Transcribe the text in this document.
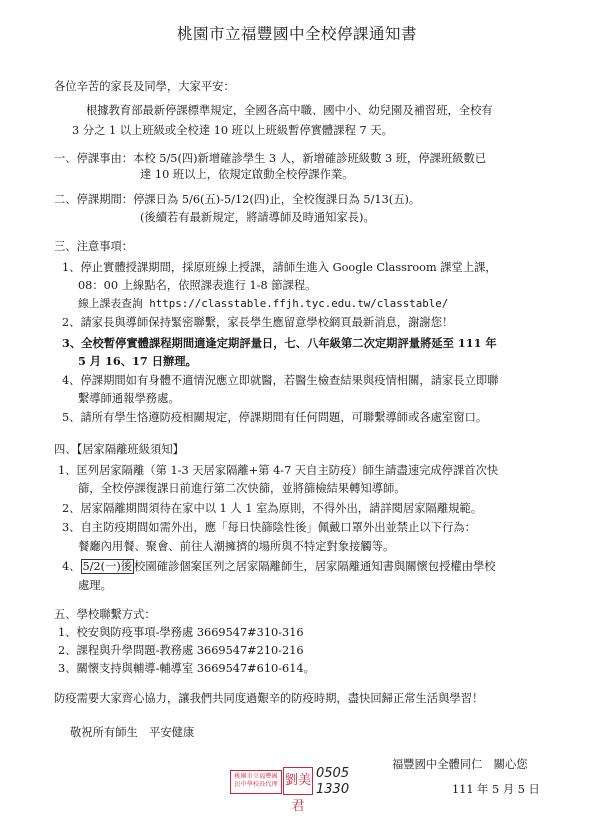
桃園市立福豐國中全校停課通知書
各位辛苦的家長及同學，大家平安：
根據教育部最新停課標準規定，全國各高中職、國中小、幼兒園及補習班，全校有
3 分之 1 以上班級或全校達 10 班以上班級暫停實體課程 7 天。
一、停課事由：本校 5/5(四)新增確診學生 3 人，新增確診班級數 3 班，停課班級數已
達 10 班以上，依規定啟動全校停課作業。
二、停課期間：停課日為 5/6(五)-5/12(四)止，全校復課日為 5/13(五)。
(後續若有最新規定，將請導師及時通知家長)。
三、注意事項：
1、停止實體授課期間，採原班線上授課，請師生進入 Google Classroom 課堂上課，
08：00 上線點名，依照課表進行 1-8 節課程。
線上課表查詢 https://classtable.ffjh.tyc.edu.tw/classtable/
2、請家長與導師保持緊密聯繫，家長學生應留意學校網頁最新消息，謝謝您！
3、全校暫停實體課程期間適逢定期評量日，七、八年級第二次定期評量將延至 111 年
5 月 16、17 日辦理。
4、停課期間如有身體不適情況應立即就醫，若醫生檢查結果與疫情相關，請家長立即聯
繫導師通報學務處。
5、請所有學生恪遵防疫相關規定，停課期間有任何問題，可聯繫導師或各處室窗口。
四、【居家隔離班級須知】
1、匡列居家隔離（第 1-3 天居家隔離+第 4-7 天自主防疫）師生請盡速完成停課首次快
篩，全校停課復課日前進行第二次快篩，並將篩檢結果轉知導師。
2、居家隔離期間須待在家中以 1 人 1 室為原則，不得外出，請詳閱居家隔離規範。
3、自主防疫期間如需外出，應「每日快篩陰性後」佩戴口罩外出並禁止以下行為：
餐廳內用餐、聚會、前往人潮擁擠的場所與不特定對象接觸等。
4、 5/2(一)後 校園確診個案匡列之居家隔離師生，居家隔離通知書與關懷包授權由學校
處理。
五、學校聯繫方式：
1、校安與防疫事項-學務處 3669547#310-316
2、課程與升學問題-教務處 3669547#210-216
3、關懷支持與輔導-輔導室 3669547#610-614。
防疫需要大家齊心協力，讓我們共同度過艱辛的防疫時期，盡快回歸正常生活與學習！
敬祝所有師生　平安健康
福豐國中全體同仁　關心您
111 年 5 月 5 日
桃園市立福豐國民中學校長代理 劉美君
0505
1330
